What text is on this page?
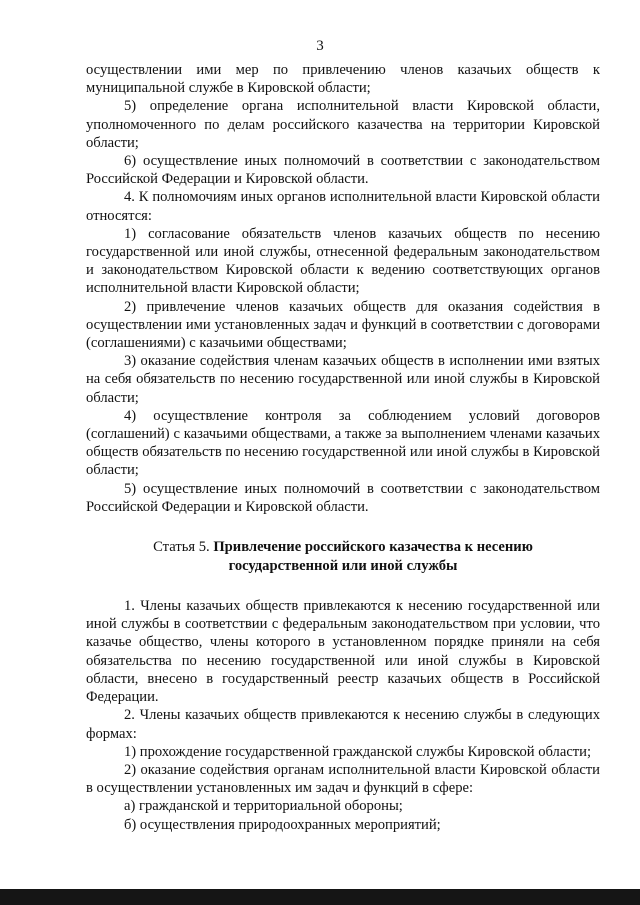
3

осуществлении ими мер по привлечению членов казачьих обществ к муниципальной службе в Кировской области;

5) определение органа исполнительной власти Кировской области, уполномоченного по делам российского казачества на территории Кировской области;

6) осуществление иных полномочий в соответствии с законодательством Российской Федерации и Кировской области.

4. К полномочиям иных органов исполнительной власти Кировской области относятся:

1) согласование обязательств членов казачьих обществ по несению государственной или иной службы, отнесенной федеральным законодательством и законодательством Кировской области к ведению соответствующих органов исполнительной власти Кировской области;

2) привлечение членов казачьих обществ для оказания содействия в осуществлении ими установленных задач и функций в соответствии с договорами (соглашениями) с казачьими обществами;

3) оказание содействия членам казачьих обществ в исполнении ими взятых на себя обязательств по несению государственной или иной службы в Кировской области;

4) осуществление контроля за соблюдением условий договоров (соглашений) с казачьими обществами, а также за выполнением членами казачьих обществ обязательств по несению государственной или иной службы в Кировской области;

5) осуществление иных полномочий в соответствии с законодательством Российской Федерации и Кировской области.

Статья 5. Привлечение российского казачества к несению
государственной или иной службы

1. Члены казачьих обществ привлекаются к несению государственной или иной службы в соответствии с федеральным законодательством при условии, что казачье общество, члены которого в установленном порядке приняли на себя обязательства по несению государственной или иной службы в Кировской области, внесено в государственный реестр казачьих обществ в Российской Федерации.

2. Члены казачьих обществ привлекаются к несению службы в следующих формах:

1) прохождение государственной гражданской службы Кировской области;

2) оказание содействия органам исполнительной власти Кировской области в осуществлении установленных им задач и функций в сфере:

а) гражданской и территориальной обороны;

б) осуществления природоохранных мероприятий;
